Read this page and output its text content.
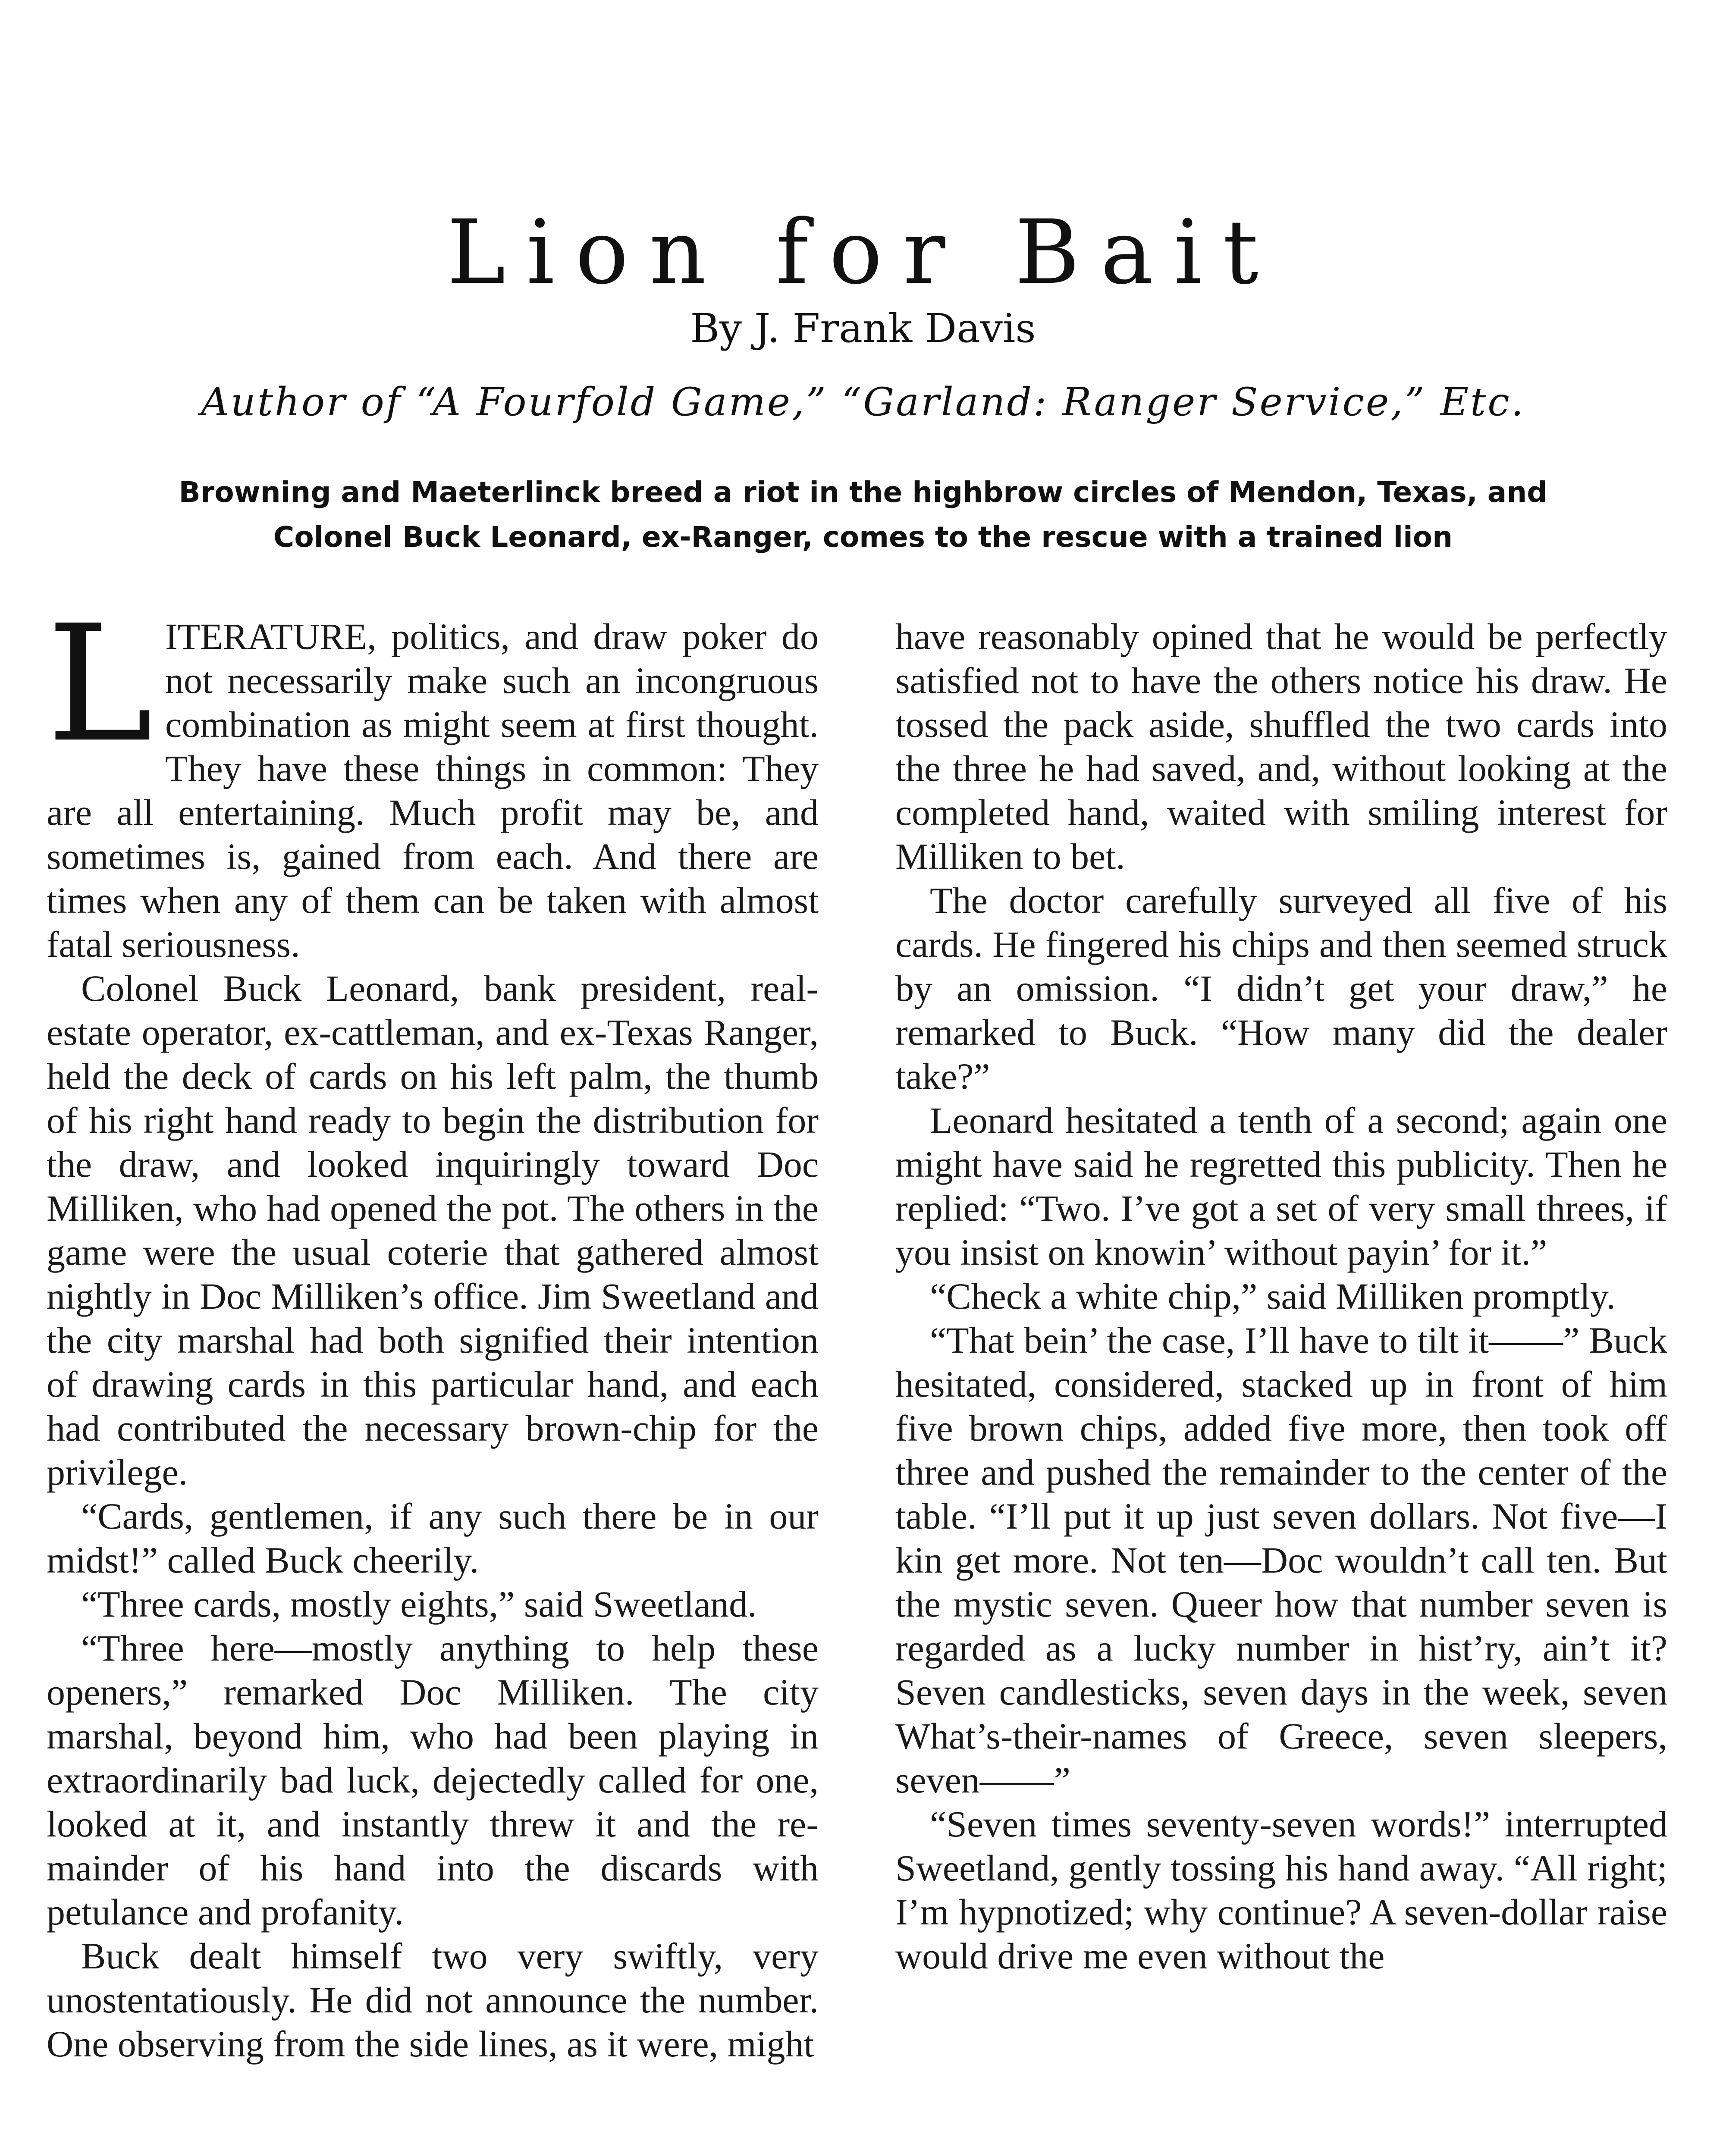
Lion for Bait
By J. Frank Davis
Author of “A Fourfold Game,” “Garland: Ranger Service,” Etc.
Browning and Maeterlinck breed a riot in the highbrow circles of Mendon, Texas, and Colonel Buck Leonard, ex-Ranger, comes to the rescue with a trained lion

LITERATURE, politics, and draw poker do not necessarily make such an incongruous combination as might seem at first thought. They have these things in common: They are all entertaining. Much profit may be, and sometimes is, gained from each. And there are times when any of them can be taken with almost fatal seriousness.

Colonel Buck Leonard, bank president, real-estate operator, ex-cattleman, and ex-Texas Ranger, held the deck of cards on his left palm, the thumb of his right hand ready to begin the distribution for the draw, and looked inquiringly toward Doc Milliken, who had opened the pot. The others in the game were the usual coterie that gathered almost nightly in Doc Milliken’s office. Jim Sweetland and the city marshal had both signified their intention of drawing cards in this particular hand, and each had contributed the necessary brown-chip for the privilege.

“Cards, gentlemen, if any such there be in our midst!” called Buck cheerily.

“Three cards, mostly eights,” said Sweetland.

“Three here—mostly anything to help these openers,” remarked Doc Milliken. The city marshal, beyond him, who had been playing in extraordinarily bad luck, dejectedly called for one, looked at it, and instantly threw it and the remainder of his hand into the discards with petulance and profanity.

Buck dealt himself two very swiftly, very unostentatiously. He did not announce the number. One observing from the side lines, as it were, might

have reasonably opined that he would be perfectly satisfied not to have the others notice his draw. He tossed the pack aside, shuffled the two cards into the three he had saved, and, without looking at the completed hand, waited with smiling interest for Milliken to bet.

The doctor carefully surveyed all five of his cards. He fingered his chips and then seemed struck by an omission. “I didn’t get your draw,” he remarked to Buck. “How many did the dealer take?”

Leonard hesitated a tenth of a second; again one might have said he regretted this publicity. Then he replied: “Two. I’ve got a set of very small threes, if you insist on knowin’ without payin’ for it.”

“Check a white chip,” said Milliken promptly.

“That bein’ the case, I’ll have to tilt it——” Buck hesitated, considered, stacked up in front of him five brown chips, added five more, then took off three and pushed the remainder to the center of the table. “I’ll put it up just seven dollars. Not five—I kin get more. Not ten—Doc wouldn’t call ten. But the mystic seven. Queer how that number seven is regarded as a lucky number in hist’ry, ain’t it? Seven candlesticks, seven days in the week, seven What’s-their-names of Greece, seven sleepers, seven——”

“Seven times seventy-seven words!” interrupted Sweetland, gently tossing his hand away. “All right; I’m hypnotized; why continue? A seven-dollar raise would drive me even without the
